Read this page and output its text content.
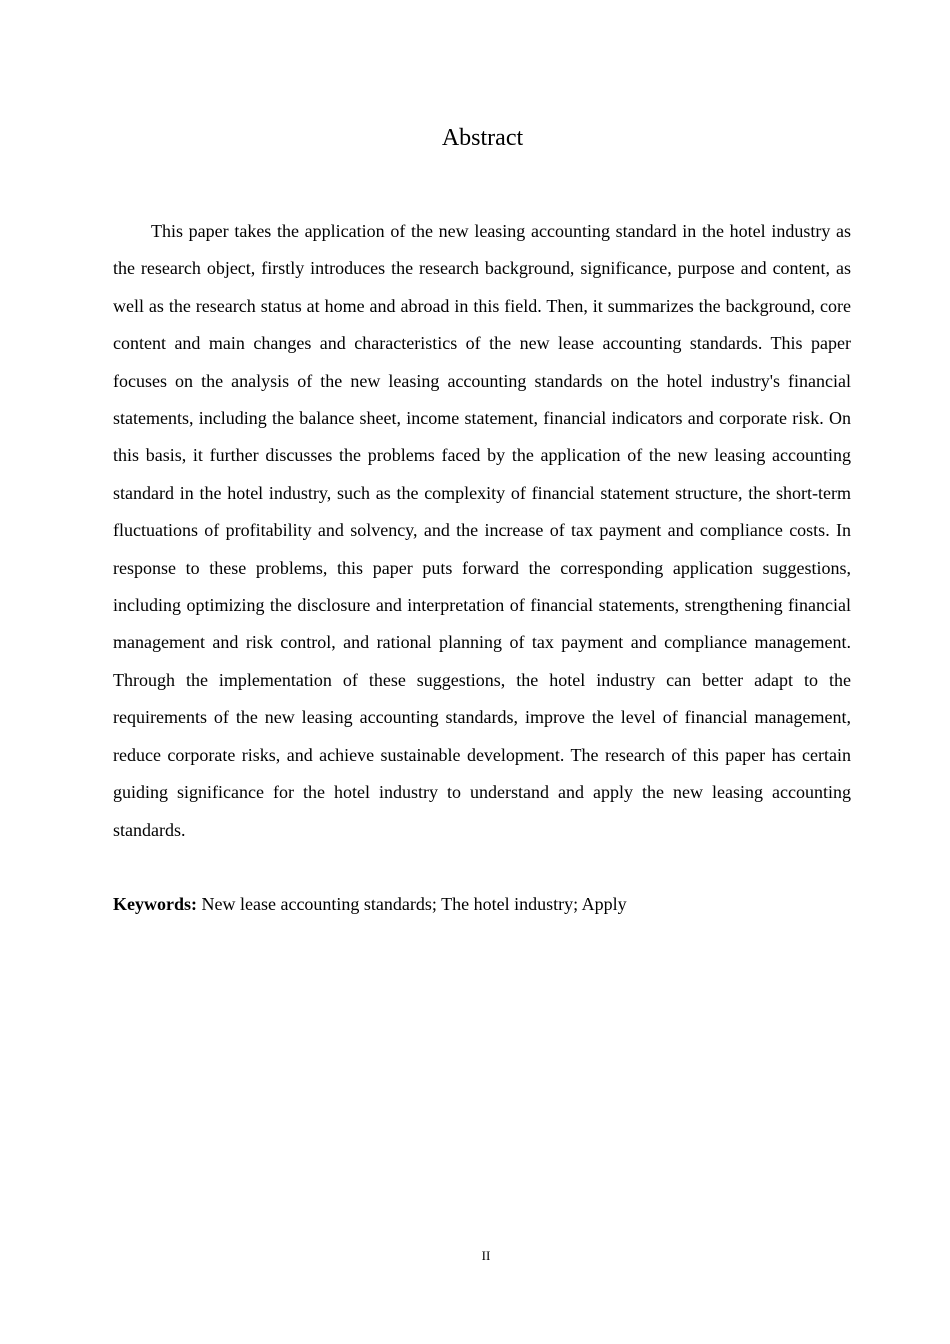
Abstract

This paper takes the application of the new leasing accounting standard in the hotel industry as the research object, firstly introduces the research background, significance, purpose and content, as well as the research status at home and abroad in this field. Then, it summarizes the background, core content and main changes and characteristics of the new lease accounting standards. This paper focuses on the analysis of the new leasing accounting standards on the hotel industry's financial statements, including the balance sheet, income statement, financial indicators and corporate risk. On this basis, it further discusses the problems faced by the application of the new leasing accounting standard in the hotel industry, such as the complexity of financial statement structure, the short-term fluctuations of profitability and solvency, and the increase of tax payment and compliance costs. In response to these problems, this paper puts forward the corresponding application suggestions, including optimizing the disclosure and interpretation of financial statements, strengthening financial management and risk control, and rational planning of tax payment and compliance management. Through the implementation of these suggestions, the hotel industry can better adapt to the requirements of the new leasing accounting standards, improve the level of financial management, reduce corporate risks, and achieve sustainable development. The research of this paper has certain guiding significance for the hotel industry to understand and apply the new leasing accounting standards.

Keywords: New lease accounting standards; The hotel industry; Apply

II
